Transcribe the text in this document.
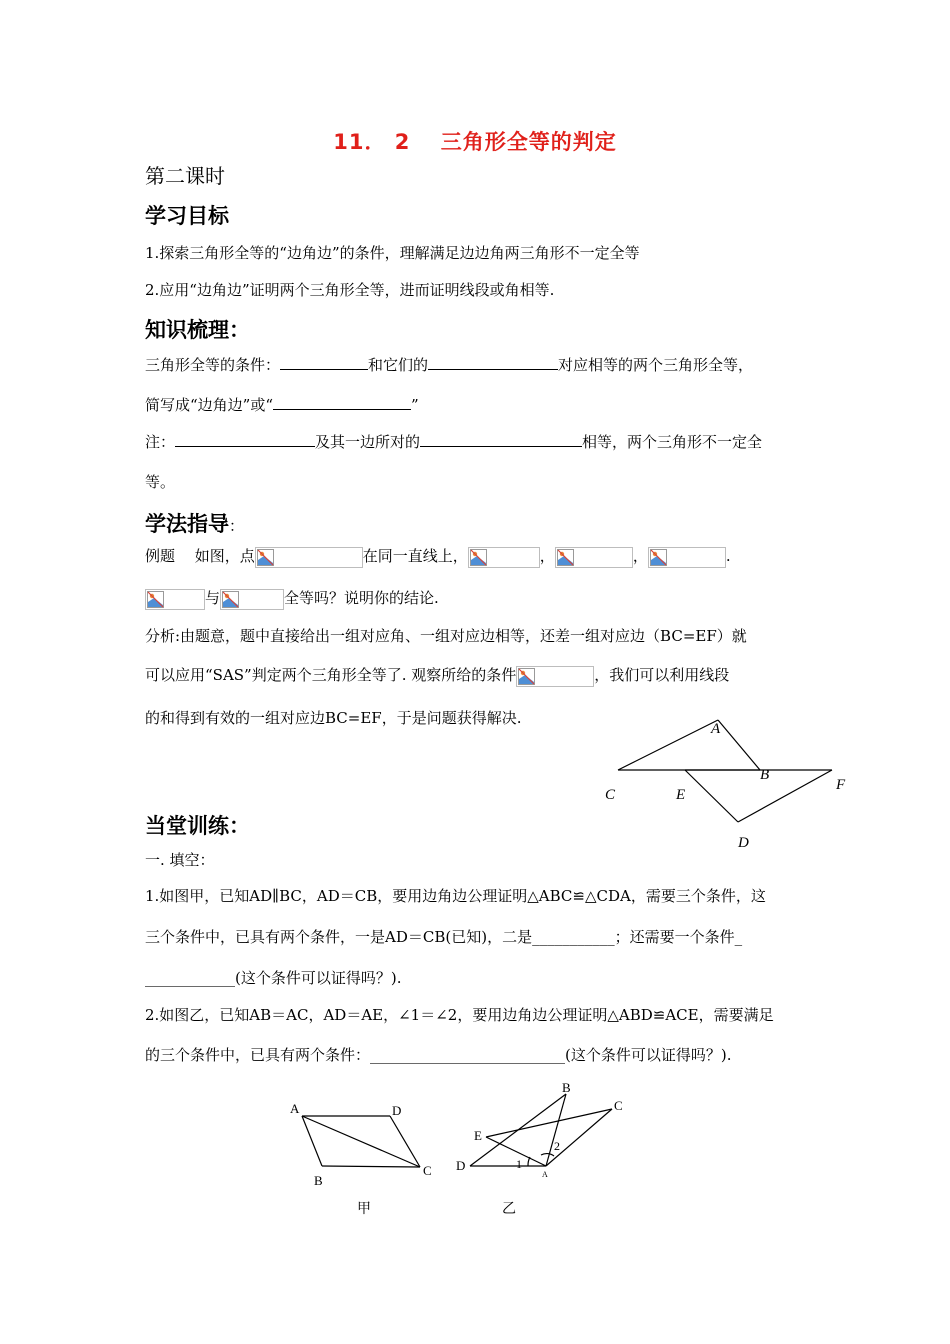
11． 2　 三角形全等的判定
第二课时
学习目标
1.探索三角形全等的“边角边”的条件，理解满足边边角两三角形不一定全等
2.应用“边角边”证明两个三角形全等，进而证明线段或角相等.
知识梳理：
三角形全等的条件：	和它们的	对应相等的两个三角形全等，
简写成“边角边”或“	”
注：	及其一边所对的	相等，两个三角形不一定全
等。
学法指导：
例题　 如图，点	在同一直线上，	，	，	.
与	全等吗？说明你的结论.
分析:由题意，题中直接给出一组对应角、一组对应边相等，还差一组对应边（BC=EF）就
可以应用“SAS”判定两个三角形全等了. 观察所给的条件	，我们可以利用线段
的和得到有效的一组对应边BC=EF，于是问题获得解决.
A
B
C	E
F
D
当堂训练：
一. 填空：
1.如图甲，已知AD∥BC，AD＝CB，要用边角边公理证明△ABC≌△CDA，需要三个条件，这
三个条件中，已具有两个条件，一是AD＝CB(已知)，二是___________；还需要一个条件_
____________(这个条件可以证得吗？).
2.如图乙，已知AB＝AC，AD＝AE，∠1＝∠2，要用边角边公理证明△ABD≌ACE，需要满足
的三个条件中，已具有两个条件：__________________________(这个条件可以证得吗？).
A	D
B
C
甲
B
C
E
D
A
1
2
乙
